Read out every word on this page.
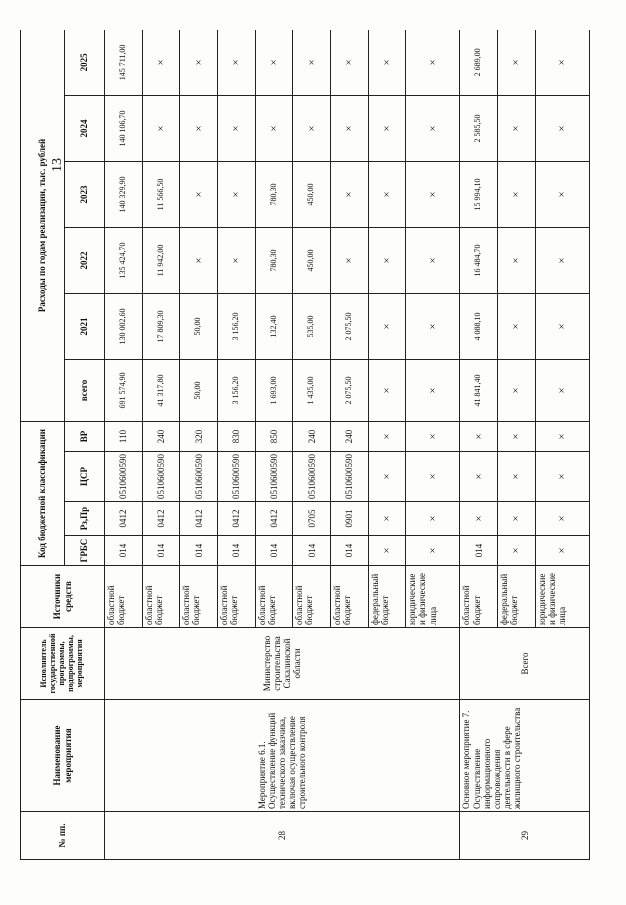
13
№ пп.	Наименование мероприятия	Исполнитель государственной программы, подпрограммы, мероприятия	Источники средств	Код бюджетной классификации				Расходы по годам реализации, тыс. рублей					
				ГРБС	Рз,Пр	ЦСР	ВР	всего	2021	2022	2023	2024	2025
28	Мероприятие 6.1. Осуществление функций технического заказчика, включая осуществление строительного контроля	Министерство строительства Сахалинской области	областной бюджет	014	0412	0510600590	110	691 574,90	130 002,60	135 424,70	140 329,90	140 106,70	145 711,00
			областной бюджет	014	0412	0510600590	240	41 317,80	17 809,30	11 942,00	11 566,50	×	×
			областной бюджет	014	0412	0510600590	320	50,00	50,00	×	×	×	×
			областной бюджет	014	0412	0510600590	830	3 156,20	3 156,20	×	×	×	×
			областной бюджет	014	0412	0510600590	850	1 693,00	132,40	780,30	780,30	×	×
			областной бюджет	014	0705	0510600590	240	1 435,00	535,00	450,00	450,00	×	×
			областной бюджет	014	0901	0510600590	240	2 075,50	2 075,50	×	×	×	×
			федеральный бюджет	×	×	×	×	×	×	×	×	×	×
			юридические и физические лица	×	×	×	×	×	×	×	×	×	×
29	Основное мероприятие 7. Осуществление информационного сопровождения деятельности в сфере жилищного строительства	Всего	областной бюджет	014	×	×	×	41 841,40	4 088,10	16 484,70	15 994,10	2 585,50	2 689,00
			федеральный бюджет	×	×	×	×	×	×	×	×	×	×
			юридические и физические лица	×	×	×	×	×	×	×	×	×	×
